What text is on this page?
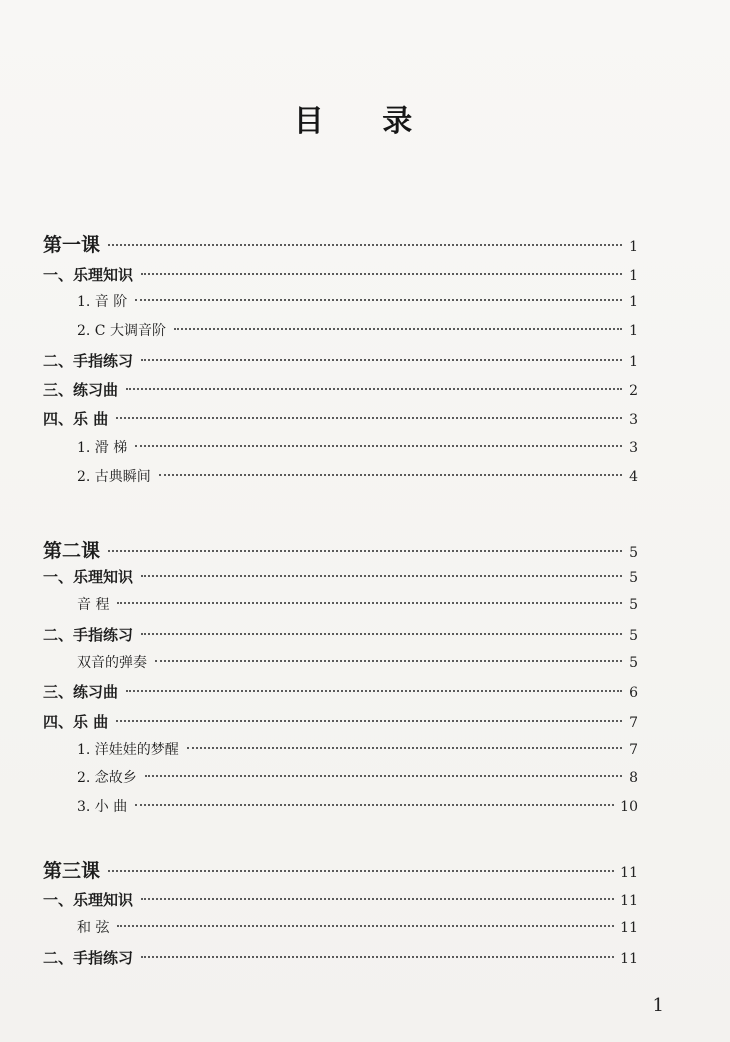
目 录
第一课	1
一、乐理知识	1
1. 音 阶	1
2. C 大调音阶	1
二、手指练习	1
三、练习曲	2
四、乐 曲	3
1. 滑 梯	3
2. 古典瞬间	4
第二课	5
一、乐理知识	5
音 程	5
二、手指练习	5
双音的弹奏	5
三、练习曲	6
四、乐 曲	7
1. 洋娃娃的梦醒	7
2. 念故乡	8
3. 小 曲	10
第三课	11
一、乐理知识	11
和 弦	11
二、手指练习	11
1
